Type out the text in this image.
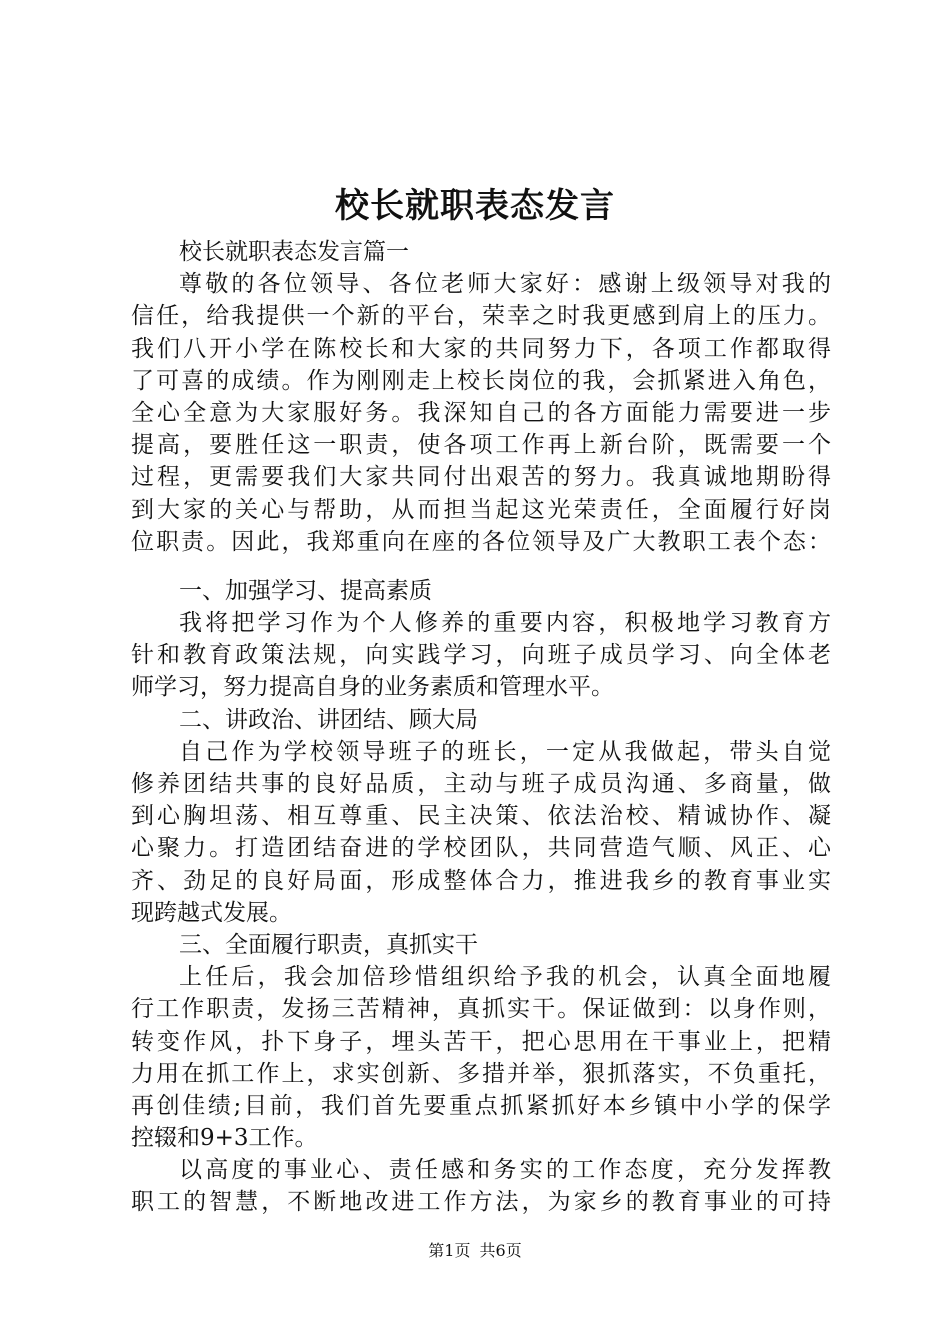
校长就职表态发言
校长就职表态发言篇一
尊敬的各位领导、各位老师大家好：感谢上级领导对我的
信任，给我提供一个新的平台，荣幸之时我更感到肩上的压力。
我们八开小学在陈校长和大家的共同努力下，各项工作都取得
了可喜的成绩。作为刚刚走上校长岗位的我，会抓紧进入角色，
全心全意为大家服好务。我深知自己的各方面能力需要进一步
提高，要胜任这一职责，使各项工作再上新台阶，既需要一个
过程，更需要我们大家共同付出艰苦的努力。我真诚地期盼得
到大家的关心与帮助，从而担当起这光荣责任，全面履行好岗
位职责。因此，我郑重向在座的各位领导及广大教职工表个态：
一、加强学习、提高素质
我将把学习作为个人修养的重要内容，积极地学习教育方
针和教育政策法规，向实践学习，向班子成员学习、向全体老
师学习，努力提高自身的业务素质和管理水平。
二、讲政治、讲团结、顾大局
自己作为学校领导班子的班长，一定从我做起，带头自觉
修养团结共事的良好品质，主动与班子成员沟通、多商量，做
到心胸坦荡、相互尊重、民主决策、依法治校、精诚协作、凝
心聚力。打造团结奋进的学校团队，共同营造气顺、风正、心
齐、劲足的良好局面，形成整体合力，推进我乡的教育事业实
现跨越式发展。
三、全面履行职责，真抓实干
上任后，我会加倍珍惜组织给予我的机会，认真全面地履
行工作职责，发扬三苦精神，真抓实干。保证做到：以身作则，
转变作风，扑下身子，埋头苦干，把心思用在干事业上，把精
力用在抓工作上，求实创新、多措并举，狠抓落实，不负重托，
再创佳绩;目前，我们首先要重点抓紧抓好本乡镇中小学的保学
控辍和9+3工作。
以高度的事业心、责任感和务实的工作态度，充分发挥教
职工的智慧，不断地改进工作方法，为家乡的教育事业的可持
第1页 共6页
